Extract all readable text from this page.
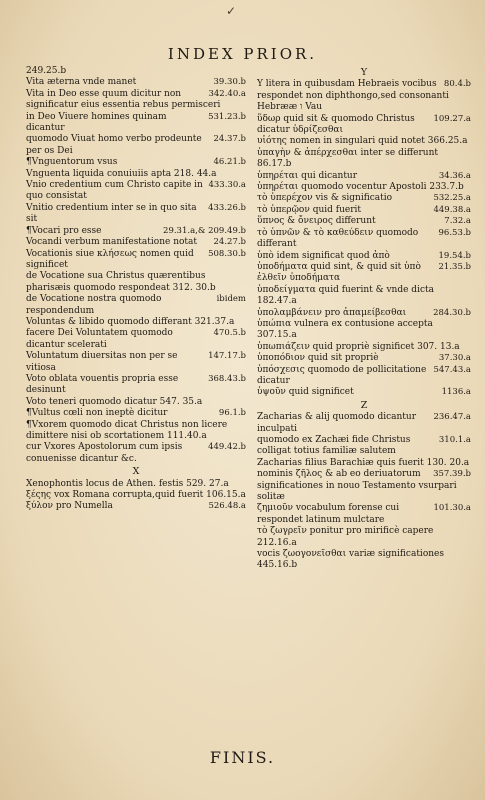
✓
INDEX PRIOR.
249.25.b
39.30.b
Vita æterna vnde manet
342.40.a
Vita in Deo esse quum dicitur non significatur eius essentia rebus permisceri
531.23.b
in Deo Viuere homines quinam dicantur
24.37.b
quomodo Viuat homo verbo prodeunte per os Dei
46.21.b
¶Vnguentorum vsus
Vnguenta liquida conuiuiis apta 218. 44.a
433.30.a
Vnio credentium cum Christo capite in quo consistat
433.26.b
Vnitio credentium inter se in quo sita sit
29.31.a,& 209.49.b
¶Vocari pro esse
24.27.b
Vocandi verbum manifestatione notat
508.30.b
Vocationis siue κλήσεως nomen quid significet
de Vocatione sua Christus quærentibus pharisæis quomodo respondeat 312. 30.b
ibidem
de Vocatione nostra quomodo respondendum
Voluntas & libido quomodo differant 321.37.a
470.5.b
facere Dei Voluntatem quomodo dicantur scelerati
147.17.b
Voluntatum diuersitas non per se vitiosa
368.43.b
Voto oblata vouentis propria esse desinunt
Voto teneri quomodo dicatur 547. 35.a
96.1.b
¶Vultus cœli non ineptè dicitur
¶Vxorem quomodo dicat Christus non licere dimittere nisi ob scortationem 111.40.a
449.42.b
cur Vxores Apostolorum cum ipsis conuenisse dicantur &c.
X
Xenophontis locus de Athen. festis 529. 27.a
ξέςης vox Romana corrupta,quid fuerit 106.15.a
526.48.a
ξύλον pro Numella
Y
80.4.b
Y litera in quibusdam Hebraeis vocibus respondet non diphthongo,sed consonanti Hebrææ ו Vau
109.27.a
ὕδωρ quid sit & quomodo Christus dicatur ὑδρίζεσθαι
υἱότης nomen in singulari quid notet 366.25.a
ὑπαγὴν & ἀπέρχεσθαι inter se differunt 86.17.b
34.36.a
ὑπηρέται qui dicantur
ὑπηρέται quomodo vocentur Apostoli 233.7.b
532.25.a
τὸ ὑπερέχον vis & significatio
449.38.a
τὸ ὑπερῷον quid fuerit
7.32.a
ὕπνος & ὄνειρος differunt
96.53.b
τὸ ὑπνῶν & τὸ καθεύδειν quomodo differant
19.54.b
ὑπὸ idem significat quod ἀπὸ
21.35.b
ὑποδήματα quid sint, & quid sit ὑπὸ ἐλθεῖν ὑποδήματα
ὑποδείγματα quid fuerint & vnde dicta 182.47.a
284.30.b
ὑπολαμβάνειν pro ἀπαμείβεσθαι
ὑπώπια vulnera ex contusione accepta 307.15.a
ὑπωπιάζειν quid propriè significet 307. 13.a
37.30.a
ὑποπόδιον quid sit propriè
547.43.a
ὑπόσχεσις quomodo de pollicitatione dicatur
1136.a
ὑψοῦν quid significet
Z
236.47.a
Zacharias & alij quomodo dicantur inculpati
310.1.a
quomodo ex Zachæi fide Christus colligat totius familiæ salutem
Zacharias filius Barachiæ quis fuerit 130. 20.a
357.39.b
nominis ζῆλος & ab eo deriuatorum significationes in nouo Testamento vsurpari solitæ
101.30.a
ζημιοῦν vocabulum forense cui respondet latinum mulctare
τὸ ζωγρεῖν ponitur pro mirificè capere 212.16.a
vocis ζωογονεῖσθαι variæ significationes 445.16.b
FINIS.
